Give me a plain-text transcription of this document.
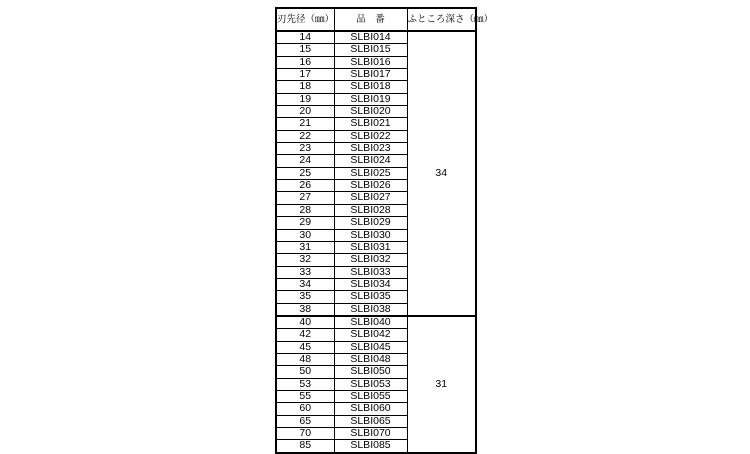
刃先径（㎜）	品　番	ふところ深さ（㎜）
14	SLBI014	34
15	SLBI015	
16	SLBI016	
17	SLBI017	
18	SLBI018	
19	SLBI019	
20	SLBI020	
21	SLBI021	
22	SLBI022	
23	SLBI023	
24	SLBI024	
25	SLBI025	
26	SLBI026	
27	SLBI027	
28	SLBI028	
29	SLBI029	
30	SLBI030	
31	SLBI031	
32	SLBI032	
33	SLBI033	
34	SLBI034	
35	SLBI035	
38	SLBI038	
40	SLBI040	31
42	SLBI042	
45	SLBI045	
48	SLBI048	
50	SLBI050	
53	SLBI053	
55	SLBI055	
60	SLBI060	
65	SLBI065	
70	SLBI070	
85	SLBI085	
